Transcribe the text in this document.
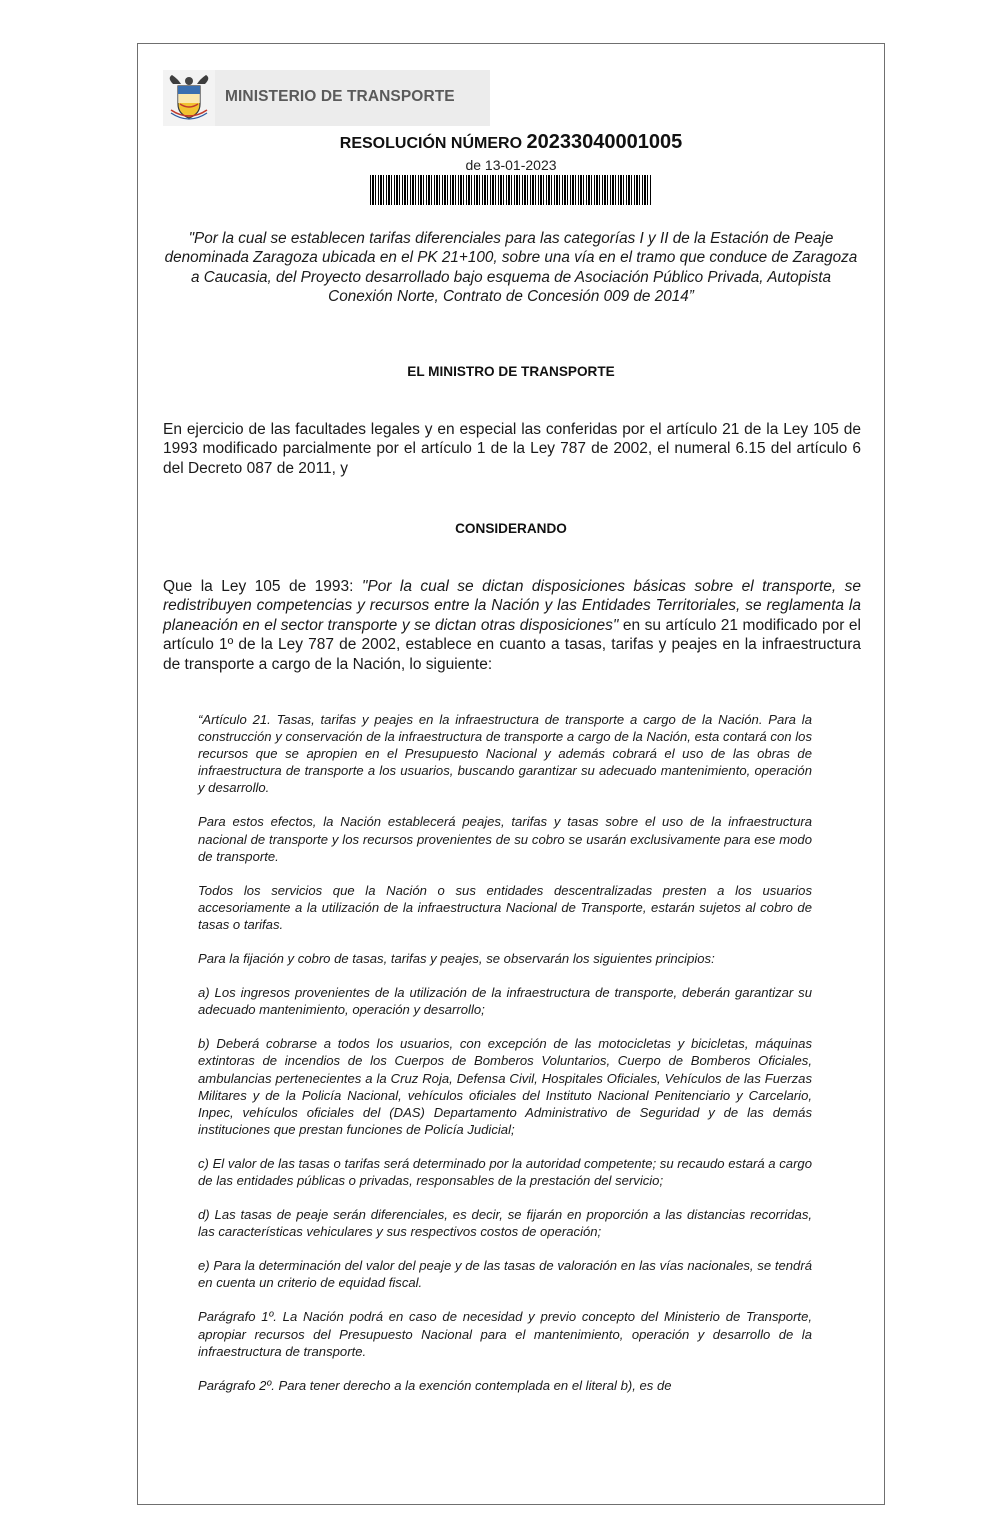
MINISTERIO DE TRANSPORTE
RESOLUCIÓN NÚMERO 20233040001005
de 13-01-2023
"Por la cual se establecen tarifas diferenciales para las categorías I y II de la Estación de Peaje denominada Zaragoza ubicada en el PK 21+100, sobre una vía en el tramo que conduce de Zaragoza a Caucasia, del Proyecto desarrollado bajo esquema de Asociación Público Privada, Autopista Conexión Norte, Contrato de Concesión 009 de 2014”
EL MINISTRO DE TRANSPORTE
En ejercicio de las facultades legales y en especial las conferidas por el artículo 21 de la Ley 105 de 1993 modificado parcialmente por el artículo 1 de la Ley 787 de 2002, el numeral 6.15 del artículo 6 del Decreto 087 de 2011, y
CONSIDERANDO
Que la Ley 105 de 1993: "Por la cual se dictan disposiciones básicas sobre el transporte, se redistribuyen competencias y recursos entre la Nación y las Entidades Territoriales, se reglamenta la planeación en el sector transporte y se dictan otras disposiciones" en su artículo 21 modificado por el artículo 1º de la Ley 787 de 2002, establece en cuanto a tasas, tarifas y peajes en la infraestructura de transporte a cargo de la Nación, lo siguiente:

“Artículo 21. Tasas, tarifas y peajes en la infraestructura de transporte a cargo de la Nación. Para la construcción y conservación de la infraestructura de transporte a cargo de la Nación, esta contará con los recursos que se apropien en el Presupuesto Nacional y además cobrará el uso de las obras de infraestructura de transporte a los usuarios, buscando garantizar su adecuado mantenimiento, operación y desarrollo.

Para estos efectos, la Nación establecerá peajes, tarifas y tasas sobre el uso de la infraestructura nacional de transporte y los recursos provenientes de su cobro se usarán exclusivamente para ese modo de transporte.

Todos los servicios que la Nación o sus entidades descentralizadas presten a los usuarios accesoriamente a la utilización de la infraestructura Nacional de Transporte, estarán sujetos al cobro de tasas o tarifas.

Para la fijación y cobro de tasas, tarifas y peajes, se observarán los siguientes principios:

a) Los ingresos provenientes de la utilización de la infraestructura de transporte, deberán garantizar su adecuado mantenimiento, operación y desarrollo;

b) Deberá cobrarse a todos los usuarios, con excepción de las motocicletas y bicicletas, máquinas extintoras de incendios de los Cuerpos de Bomberos Voluntarios, Cuerpo de Bomberos Oficiales, ambulancias pertenecientes a la Cruz Roja, Defensa Civil, Hospitales Oficiales, Vehículos de las Fuerzas Militares y de la Policía Nacional, vehículos oficiales del Instituto Nacional Penitenciario y Carcelario, Inpec, vehículos oficiales del (DAS) Departamento Administrativo de Seguridad y de las demás instituciones que prestan funciones de Policía Judicial;

c) El valor de las tasas o tarifas será determinado por la autoridad competente; su recaudo estará a cargo de las entidades públicas o privadas, responsables de la prestación del servicio;

d) Las tasas de peaje serán diferenciales, es decir, se fijarán en proporción a las distancias recorridas, las características vehiculares y sus respectivos costos de operación;

e) Para la determinación del valor del peaje y de las tasas de valoración en las vías nacionales, se tendrá en cuenta un criterio de equidad fiscal.

Parágrafo 1º. La Nación podrá en caso de necesidad y previo concepto del Ministerio de Transporte, apropiar recursos del Presupuesto Nacional para el mantenimiento, operación y desarrollo de la infraestructura de transporte.

Parágrafo 2º. Para tener derecho a la exención contemplada en el literal b), es de
